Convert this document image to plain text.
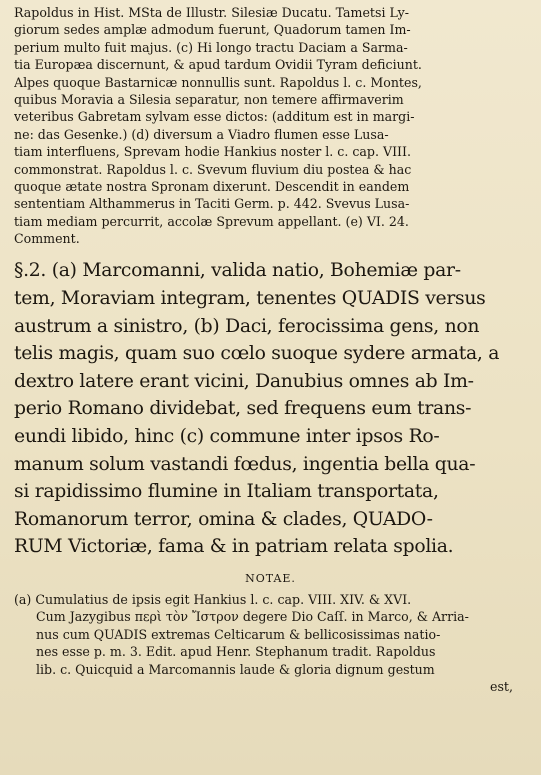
Rapoldus in Hist. MSta de Illustr. Silesiæ Ducatu. Tametsi Ly-
giorum sedes amplæ admodum fuerunt, Quadorum tamen Im-
perium multo fuit majus. (c) Hi longo tractu Daciam a Sarma-
tia Europæa discernunt, & apud tardum Ovidii Tyram deficiunt.
Alpes quoque Bastarnicæ nonnullis sunt. Rapoldus l. c. Montes,
quibus Moravia a Silesia separatur, non temere affirmaverim
veteribus Gabretam sylvam esse dictos: (additum est in margi-
ne: das Gesenke.) (d) diversum a Viadro flumen esse Lusa-
tiam interfluens, Sprevam hodie Hankius noster l. c. cap. VIII.
commonstrat. Rapoldus l. c. Svevum fluvium diu postea & hac
quoque ætate nostra Spronam dixerunt. Descendit in eandem
sententiam Althammerus in Taciti Germ. p. 442. Svevus Lusa-
tiam mediam percurrit, accolæ Sprevum appellant. (e) VI. 24.
Comment.
§.2. (a) Marcomanni, valida natio, Bohemiæ par-
tem, Moraviam integram, tenentes QUADIS versus
austrum a sinistro, (b) Daci, ferocissima gens, non
telis magis, quam suo cœlo suoque sydere armata, a
dextro latere erant vicini, Danubius omnes ab Im-
perio Romano dividebat, sed frequens eum trans-
eundi libido, hinc (c) commune inter ipsos Ro-
manum solum vastandi fœdus, ingentia bella qua-
si rapidissimo flumine in Italiam transportata,
Romanorum terror, omina & clades, QUADO-
RUM Victoriæ, fama & in patriam relata spolia.
NOTAE.
(a) Cumulatius de ipsis egit Hankius l. c. cap. VIII. XIV. & XVI.
Cum Jazygibus περὶ τὸν Ἴστρον degere Dio Caſſ. in Marco, & Arria-
nus cum QUADIS extremas Celticarum & bellicosissimas natio-
nes esse p. m. 3. Edit. apud Henr. Stephanum tradit. Rapoldus
lib. c. Quicquid a Marcomannis laude & gloria dignum gestum
est,
